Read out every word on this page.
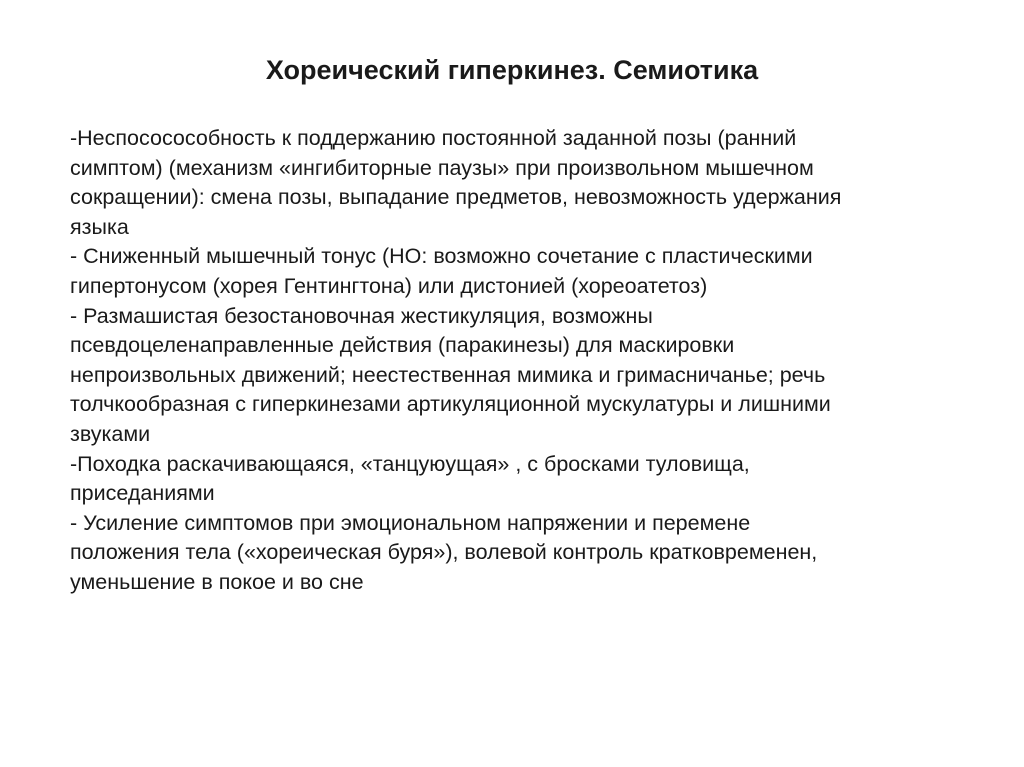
Хореический гиперкинез. Семиотика
-Неспососособность к поддержанию постоянной заданной позы (ранний
симптом) (механизм «ингибиторные паузы» при произвольном мышечном
сокращении): смена позы, выпадание предметов, невозможность удержания
языка
- Сниженный мышечный тонус (НО: возможно сочетание с пластическими
гипертонусом (хорея Гентингтона) или дистонией (хореоатетоз)
- Размашистая безостановочная жестикуляция, возможны
псевдоцеленаправленные действия (паракинезы) для маскировки
непроизвольных движений; неестественная мимика и гримасничанье; речь
толчкообразная с гиперкинезами артикуляционной мускулатуры и лишними
звуками
-Походка раскачивающаяся, «танцуюущая» , с бросками туловища,
приседаниями
- Усиление симптомов при эмоциональном напряжении и перемене
положения тела («хореическая буря»), волевой контроль кратковременен,
уменьшение в покое и во сне
